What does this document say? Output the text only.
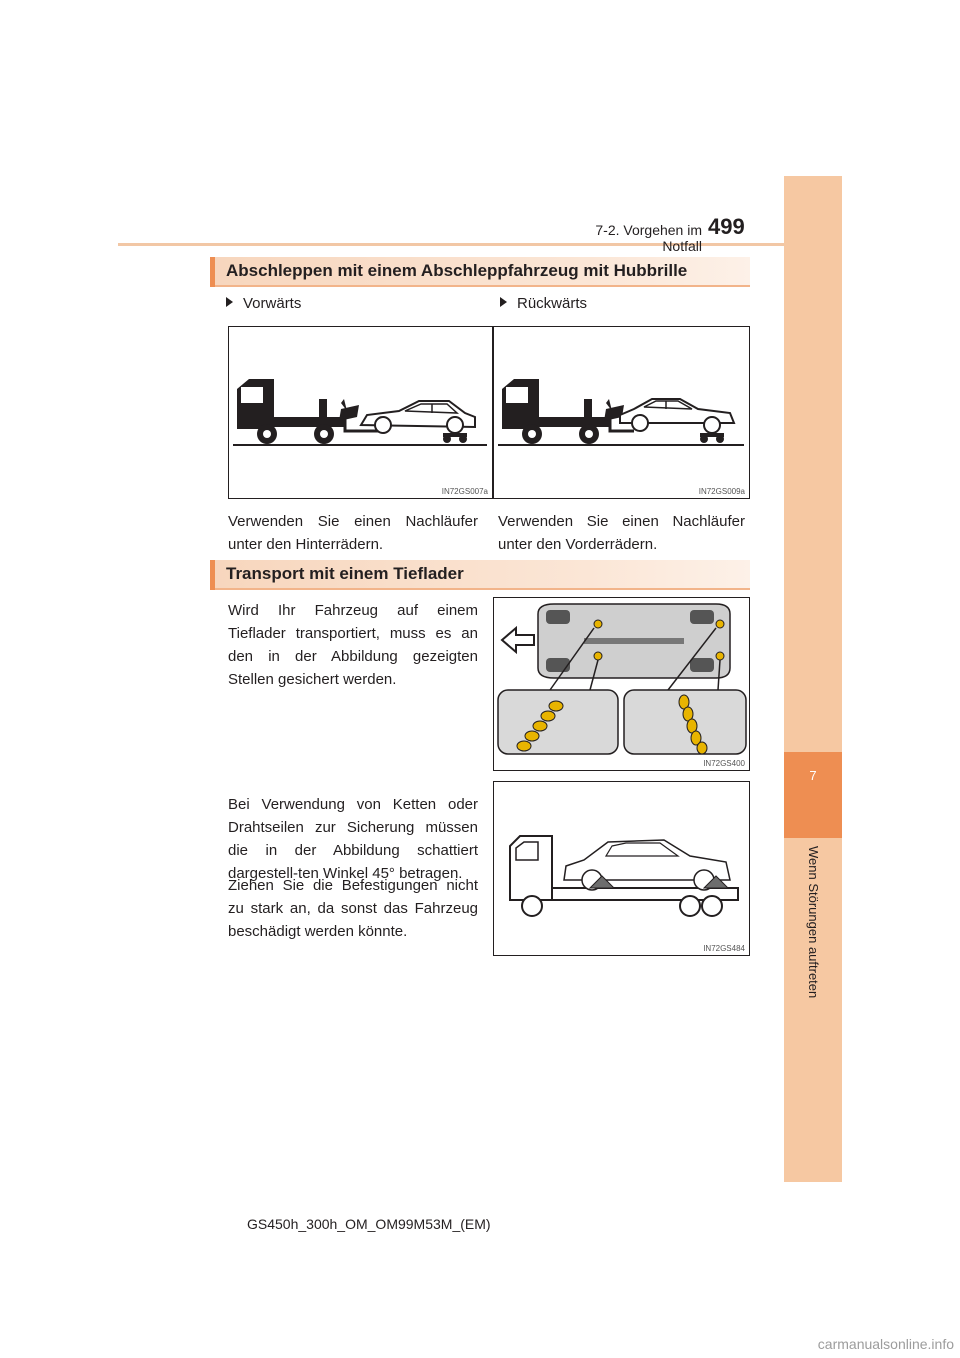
7-2. Vorgehen im Notfall
499
7
Wenn Störungen auftreten
Abschleppen mit einem Abschleppfahrzeug mit Hubbrille
Vorwärts	Rückwärts
IN72GS007a	IN72GS009a
Verwenden Sie einen Nachläufer unter den Hinterrädern.
Verwenden Sie einen Nachläufer unter den Vorderrädern.
Transport mit einem Tieflader
Wird Ihr Fahrzeug auf einem Tieflader transportiert, muss es an den in der Abbildung gezeigten Stellen gesichert werden.
IN72GS400
Bei Verwendung von Ketten oder Drahtseilen zur Sicherung müssen die in der Abbildung schattiert dargestell-ten Winkel 45° betragen.
Ziehen Sie die Befestigungen nicht zu stark an, da sonst das Fahrzeug beschädigt werden könnte.
IN72GS484
GS450h_300h_OM_OM99M53M_(EM)
carmanualsonline.info
